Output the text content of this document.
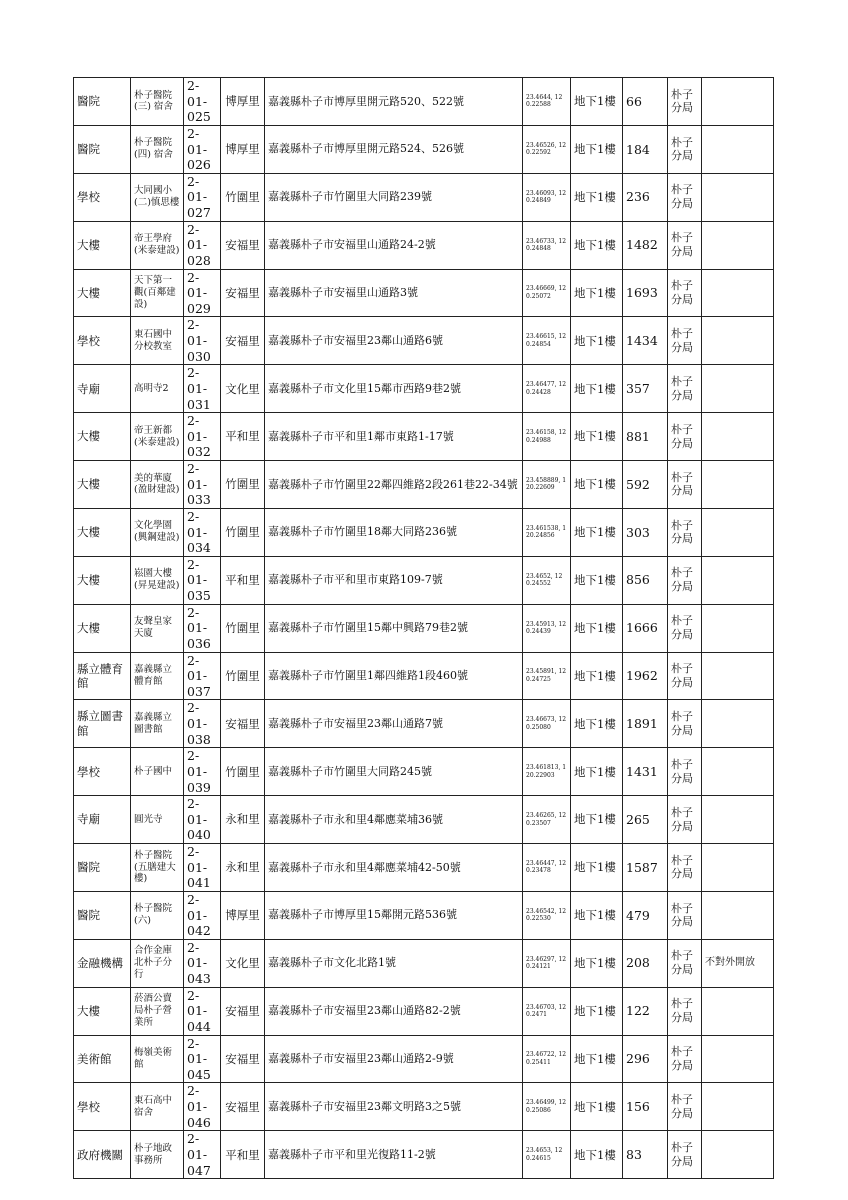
醫院	朴子醫院(三) 宿舍	2-01-025	博厚里	嘉義縣朴子市博厚里開元路520、522號	23.4644, 120.22588	地下1樓	66	朴子分局	
醫院	朴子醫院(四) 宿舍	2-01-026	博厚里	嘉義縣朴子市博厚里開元路524、526號	23.46526, 120.22592	地下1樓	184	朴子分局	
學校	大同國小(二)慎思樓	2-01-027	竹圍里	嘉義縣朴子市竹圍里大同路239號	23.46093, 120.24849	地下1樓	236	朴子分局	
大樓	帝王學府(米泰建設)	2-01-028	安福里	嘉義縣朴子市安福里山通路24-2號	23.46733, 120.24848	地下1樓	1482	朴子分局	
大樓	天下第一觀(百鄰建設)	2-01-029	安福里	嘉義縣朴子市安福里山通路3號	23.46669, 120.25072	地下1樓	1693	朴子分局	
學校	東石國中分校教室	2-01-030	安福里	嘉義縣朴子市安福里23鄰山通路6號	23.46615, 120.24854	地下1樓	1434	朴子分局	
寺廟	高明寺2	2-01-031	文化里	嘉義縣朴子市文化里15鄰市西路9巷2號	23.46477, 120.24428	地下1樓	357	朴子分局	
大樓	帝王新都(米泰建設)	2-01-032	平和里	嘉義縣朴子市平和里1鄰市東路1-17號	23.46158, 120.24988	地下1樓	881	朴子分局	
大樓	美的華廈(盈財建設)	2-01-033	竹圍里	嘉義縣朴子市竹圍里22鄰四維路2段261巷22-34號	23.458889, 120.22609	地下1樓	592	朴子分局	
大樓	文化學園(興鋼建設)	2-01-034	竹圍里	嘉義縣朴子市竹圍里18鄰大同路236號	23.461538, 120.24856	地下1樓	303	朴子分局	
大樓	崧園大樓(昇晃建設)	2-01-035	平和里	嘉義縣朴子市平和里市東路109-7號	23.4652, 120.24552	地下1樓	856	朴子分局	
大樓	友聲皇家天廈	2-01-036	竹圍里	嘉義縣朴子市竹圍里15鄰中興路79巷2號	23.45913, 120.24439	地下1樓	1666	朴子分局	
縣立體育館	嘉義縣立體育館	2-01-037	竹圍里	嘉義縣朴子市竹圍里1鄰四維路1段460號	23.45891, 120.24725	地下1樓	1962	朴子分局	
縣立圖書館	嘉義縣立圖書館	2-01-038	安福里	嘉義縣朴子市安福里23鄰山通路7號	23.46673, 120.25080	地下1樓	1891	朴子分局	
學校	朴子國中	2-01-039	竹圍里	嘉義縣朴子市竹圍里大同路245號	23.461813, 120.22903	地下1樓	1431	朴子分局	
寺廟	圓光寺	2-01-040	永和里	嘉義縣朴子市永和里4鄰應菜埔36號	23.46265, 120.23507	地下1樓	265	朴子分局	
醫院	朴子醫院(五膳建大樓)	2-01-041	永和里	嘉義縣朴子市永和里4鄰應菜埔42-50號	23.46447, 120.23478	地下1樓	1587	朴子分局	
醫院	朴子醫院(六)	2-01-042	博厚里	嘉義縣朴子市博厚里15鄰開元路536號	23.46542, 120.22530	地下1樓	479	朴子分局	
金融機構	合作金庫北朴子分行	2-01-043	文化里	嘉義縣朴子市文化北路1號	23.46297, 120.24121	地下1樓	208	朴子分局	不對外開放
大樓	菸酒公賣局朴子營業所	2-01-044	安福里	嘉義縣朴子市安福里23鄰山通路82-2號	23.46703, 120.2471	地下1樓	122	朴子分局	
美術館	梅嶺美術館	2-01-045	安福里	嘉義縣朴子市安福里23鄰山通路2-9號	23.46722, 120.25411	地下1樓	296	朴子分局	
學校	東石高中宿舍	2-01-046	安福里	嘉義縣朴子市安福里23鄰文明路3之5號	23.46499, 120.25086	地下1樓	156	朴子分局	
政府機關	朴子地政事務所	2-01-047	平和里	嘉義縣朴子市平和里光復路11-2號	23.4653, 120.24615	地下1樓	83	朴子分局	
